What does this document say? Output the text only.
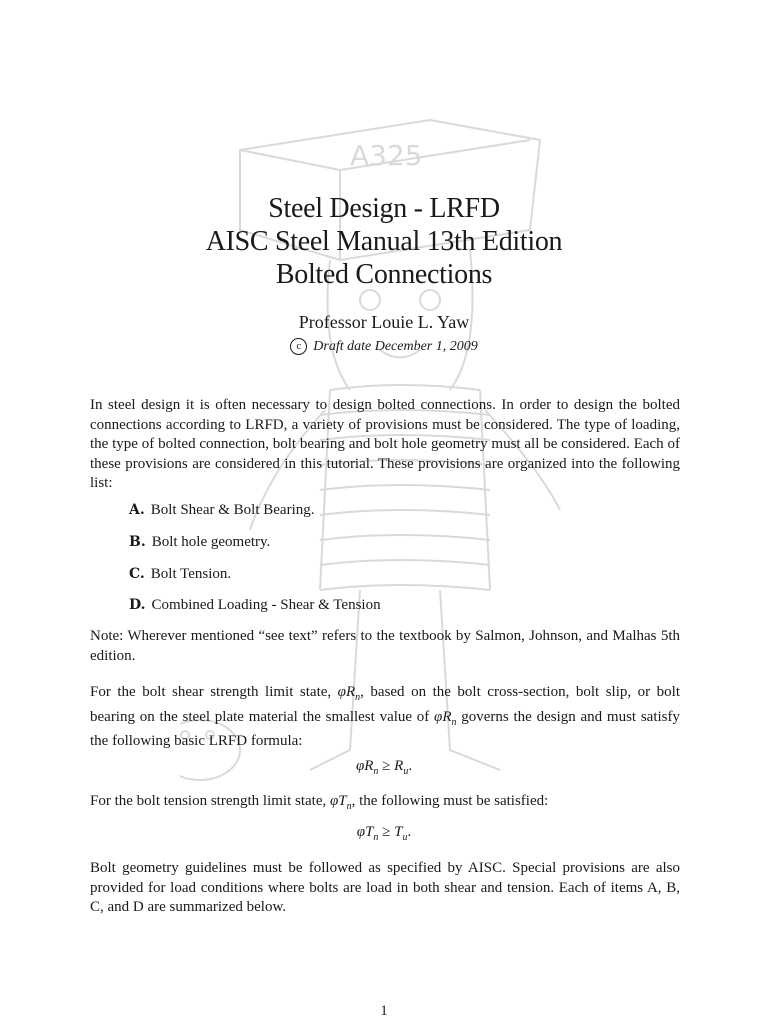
A325
Steel Design - LRFD
AISC Steel Manual 13th Edition
Bolted Connections
Professor Louie L. Yaw
c Draft date December 1, 2009
In steel design it is often necessary to design bolted connections. In order to design the bolted connections according to LRFD, a variety of provisions must be considered. The type of loading, the type of bolted connection, bolt bearing and bolt hole geometry must all be considered. Each of these provisions are considered in this tutorial. These provisions are organized into the following list:
A. Bolt Shear & Bolt Bearing.
B. Bolt hole geometry.
C. Bolt Tension.
D. Combined Loading - Shear & Tension
Note: Wherever mentioned “see text” refers to the textbook by Salmon, Johnson, and Malhas 5th edition.
For the bolt shear strength limit state, $\varphi R_n$, based on the bolt cross-section, bolt slip, or bolt bearing on the steel plate material the smallest value of $\varphi R_n$ governs the design and must satisfy the following basic LRFD formula:
$\varphi R_n \ge R_u$.
For the bolt tension strength limit state, $\varphi T_n$, the following must be satisfied:
$\varphi T_n \ge T_u$.
Bolt geometry guidelines must be followed as specified by AISC. Special provisions are also provided for load conditions where bolts are load in both shear and tension. Each of items A, B, C, and D are summarized below.
1
